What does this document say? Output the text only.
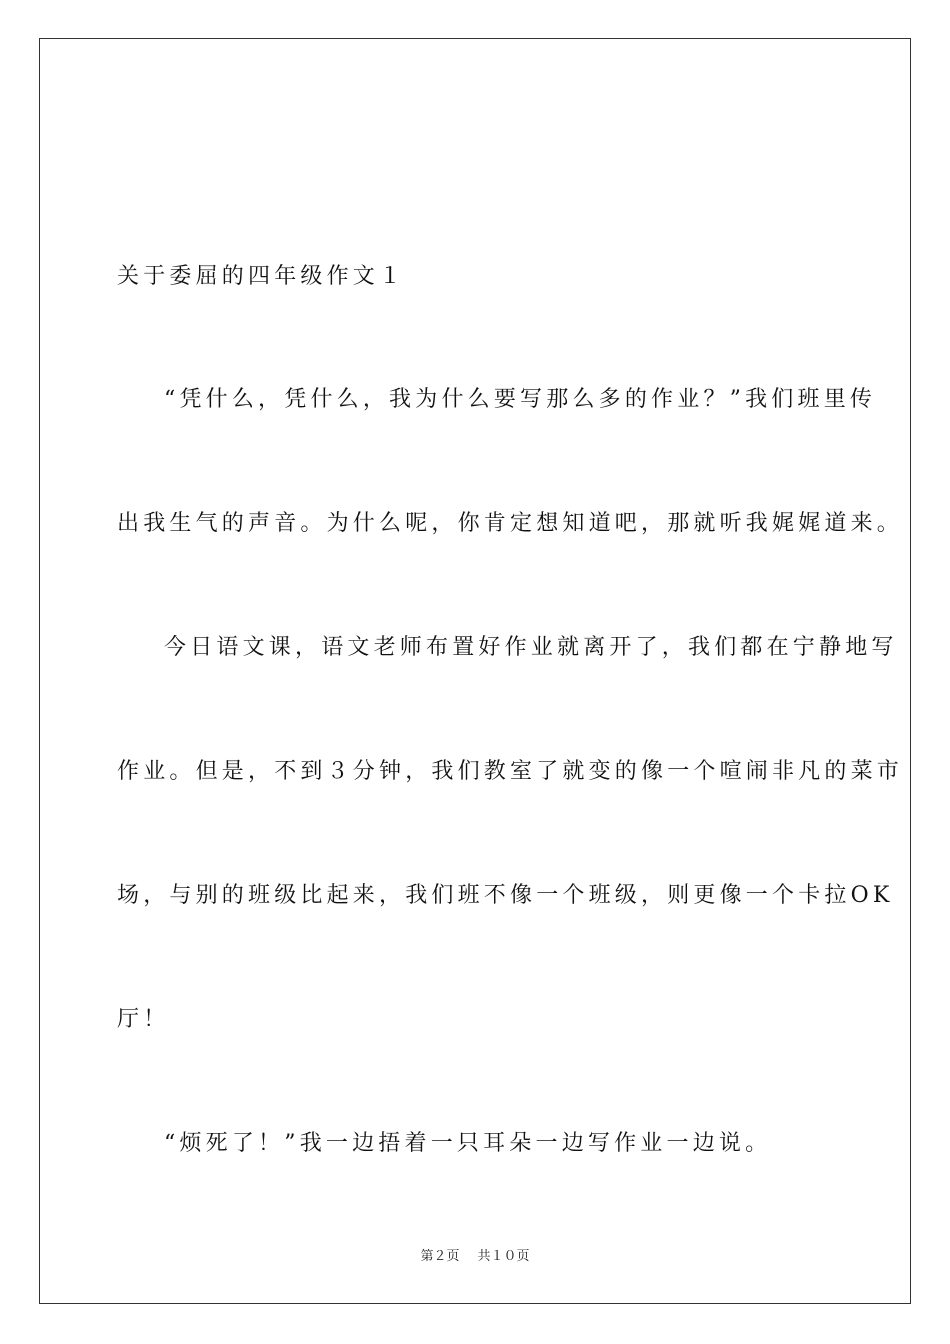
关于委屈的四年级作文１
“凭什么，凭什么，我为什么要写那么多的作业？”我们班里传
出我生气的声音。为什么呢，你肯定想知道吧，那就听我娓娓道来。
今日语文课，语文老师布置好作业就离开了，我们都在宁静地写
作业。但是，不到３分钟，我们教室了就变的像一个喧闹非凡的菜市
场，与别的班级比起来，我们班不像一个班级，则更像一个卡拉OK
厅！
“烦死了！”我一边捂着一只耳朵一边写作业一边说。
第２页 共１０页
